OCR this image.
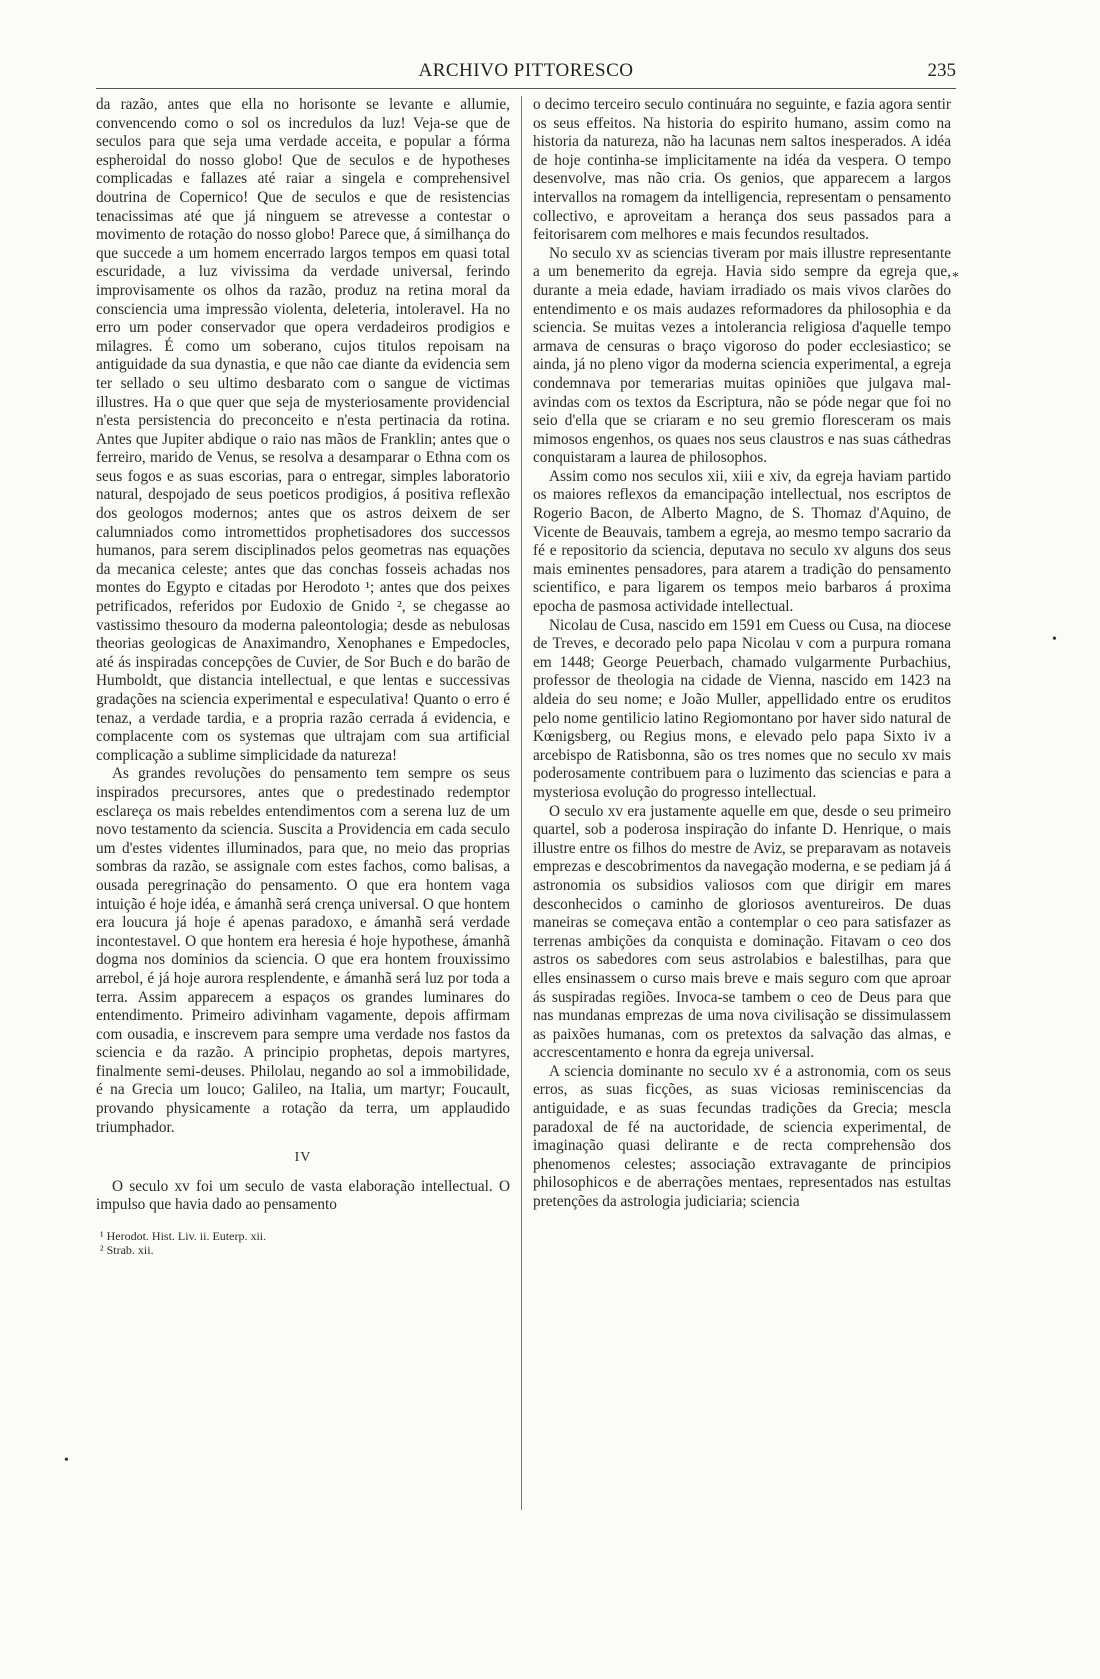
ARCHIVO PITTORESCO	235

da razão, antes que ella no horisonte se levante e allumie, convencendo como o sol os incredulos da luz! Veja-se que de seculos para que seja uma verdade acceita, e popular a fórma espheroidal do nosso globo! Que de seculos e de hypotheses complicadas e fallazes até raiar a singela e comprehensivel doutrina de Copernico! Que de seculos e que de resistencias tenacissimas até que já ninguem se atrevesse a contestar o movimento de rotação do nosso globo! Parece que, á similhança do que succede a um homem encerrado largos tempos em quasi total escuridade, a luz vivissima da verdade universal, ferindo improvisamente os olhos da razão, produz na retina moral da consciencia uma impressão violenta, deleteria, intoleravel. Ha no erro um poder conservador que opera verdadeiros prodigios e milagres. É como um soberano, cujos titulos repoisam na antiguidade da sua dynastia, e que não cae diante da evidencia sem ter sellado o seu ultimo desbarato com o sangue de victimas illustres. Ha o que quer que seja de mysteriosamente providencial n'esta persistencia do preconceito e n'esta pertinacia da rotina. Antes que Jupiter abdique o raio nas mãos de Franklin; antes que o ferreiro, marido de Venus, se resolva a desamparar o Ethna com os seus fogos e as suas escorias, para o entregar, simples laboratorio natural, despojado de seus poeticos prodigios, á positiva reflexão dos geologos modernos; antes que os astros deixem de ser calumniados como intromettidos prophetisadores dos successos humanos, para serem disciplinados pelos geometras nas equações da mecanica celeste; antes que das conchas fosseis achadas nos montes do Egypto e citadas por Herodoto ¹; antes que dos peixes petrificados, referidos por Eudoxio de Gnido ², se chegasse ao vastissimo thesouro da moderna paleontologia; desde as nebulosas theorias geologicas de Anaximandro, Xenophanes e Empedocles, até ás inspiradas concepções de Cuvier, de Sor Buch e do barão de Humboldt, que distancia intellectual, e que lentas e successivas gradações na sciencia experimental e especulativa! Quanto o erro é tenaz, a verdade tardia, e a propria razão cerrada á evidencia, e complacente com os systemas que ultrajam com sua artificial complicação a sublime simplicidade da natureza!

As grandes revoluções do pensamento tem sempre os seus inspirados precursores, antes que o predestinado redemptor esclareça os mais rebeldes entendimentos com a serena luz de um novo testamento da sciencia. Suscita a Providencia em cada seculo um d'estes videntes illuminados, para que, no meio das proprias sombras da razão, se assignale com estes fachos, como balisas, a ousada peregrinação do pensamento. O que era hontem vaga intuição é hoje idéa, e ámanhã será crença universal. O que hontem era loucura já hoje é apenas paradoxo, e ámanhã será verdade incontestavel. O que hontem era heresia é hoje hypothese, ámanhã dogma nos dominios da sciencia. O que era hontem frouxissimo arrebol, é já hoje aurora resplendente, e ámanhã será luz por toda a terra. Assim apparecem a espaços os grandes luminares do entendimento. Primeiro adivinham vagamente, depois affirmam com ousadia, e inscrevem para sempre uma verdade nos fastos da sciencia e da razão. A principio prophetas, depois martyres, finalmente semi-deuses. Philolau, negando ao sol a immobilidade, é na Grecia um louco; Galileo, na Italia, um martyr; Foucault, provando physicamente a rotação da terra, um applaudido triumphador.

IV

O seculo xv foi um seculo de vasta elaboração intellectual. O impulso que havia dado ao pensamento

¹ Herodot. Hist. Liv. ii. Euterp. xii.
² Strab. xii.

o decimo terceiro seculo continuára no seguinte, e fazia agora sentir os seus effeitos. Na historia do espirito humano, assim como na historia da natureza, não ha lacunas nem saltos inesperados. A idéa de hoje continha-se implicitamente na idéa da vespera. O tempo desenvolve, mas não cria. Os genios, que apparecem a largos intervallos na romagem da intelligencia, representam o pensamento collectivo, e aproveitam a herança dos seus passados para a feitorisarem com melhores e mais fecundos resultados.

No seculo xv as sciencias tiveram por mais illustre representante a um benemerito da egreja. Havia sido sempre da egreja que, durante a meia edade, haviam irradiado os mais vivos clarões do entendimento e os mais audazes reformadores da philosophia e da sciencia. Se muitas vezes a intolerancia religiosa d'aquelle tempo armava de censuras o braço vigoroso do poder ecclesiastico; se ainda, já no pleno vigor da moderna sciencia experimental, a egreja condemnava por temerarias muitas opiniões que julgava mal-avindas com os textos da Escriptura, não se póde negar que foi no seio d'ella que se criaram e no seu gremio floresceram os mais mimosos engenhos, os quaes nos seus claustros e nas suas cáthedras conquistaram a laurea de philosophos.

Assim como nos seculos xii, xiii e xiv, da egreja haviam partido os maiores reflexos da emancipação intellectual, nos escriptos de Rogerio Bacon, de Alberto Magno, de S. Thomaz d'Aquino, de Vicente de Beauvais, tambem a egreja, ao mesmo tempo sacrario da fé e repositorio da sciencia, deputava no seculo xv alguns dos seus mais eminentes pensadores, para atarem a tradição do pensamento scientifico, e para ligarem os tempos meio barbaros á proxima epocha de pasmosa actividade intellectual.

Nicolau de Cusa, nascido em 1591 em Cuess ou Cusa, na diocese de Treves, e decorado pelo papa Nicolau v com a purpura romana em 1448; George Peuerbach, chamado vulgarmente Purbachius, professor de theologia na cidade de Vienna, nascido em 1423 na aldeia do seu nome; e João Muller, appellidado entre os eruditos pelo nome gentilicio latino Regiomontano por haver sido natural de Kœnigsberg, ou Regius mons, e elevado pelo papa Sixto iv a arcebispo de Ratisbonna, são os tres nomes que no seculo xv mais poderosamente contribuem para o luzimento das sciencias e para a mysteriosa evolução do progresso intellectual.

O seculo xv era justamente aquelle em que, desde o seu primeiro quartel, sob a poderosa inspiração do infante D. Henrique, o mais illustre entre os filhos do mestre de Aviz, se preparavam as notaveis emprezas e descobrimentos da navegação moderna, e se pediam já á astronomia os subsidios valiosos com que dirigir em mares desconhecidos o caminho de gloriosos aventureiros. De duas maneiras se começava então a contemplar o ceo para satisfazer as terrenas ambições da conquista e dominação. Fitavam o ceo dos astros os sabedores com seus astrolabios e balestilhas, para que elles ensinassem o curso mais breve e mais seguro com que aproar ás suspiradas regiões. Invoca-se tambem o ceo de Deus para que nas mundanas emprezas de uma nova civilisação se dissimulassem as paixões humanas, com os pretextos da salvação das almas, e accrescentamento e honra da egreja universal.

A sciencia dominante no seculo xv é a astronomia, com os seus erros, as suas ficções, as suas viciosas reminiscencias da antiguidade, e as suas fecundas tradições da Grecia; mescla paradoxal de fé na auctoridade, de sciencia experimental, de imaginação quasi delirante e de recta comprehensão dos phenomenos celestes; associação extravagante de principios philosophicos e de aberrações mentaes, representados nas estultas pretenções da astrologia judiciaria; sciencia

•
•
*
